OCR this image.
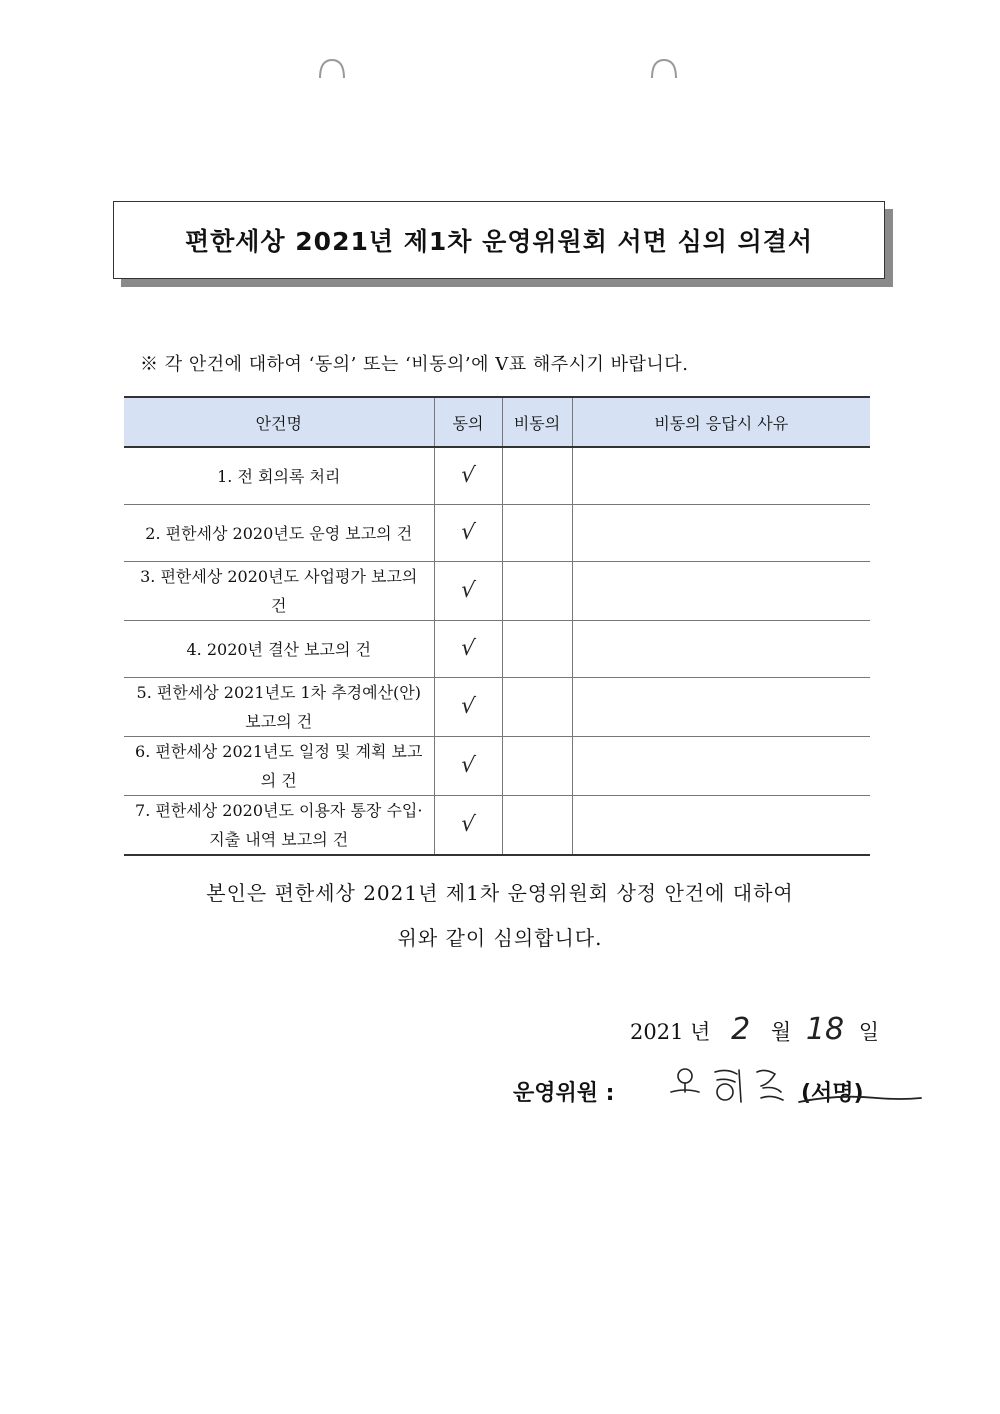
편한세상 2021년 제1차 운영위원회 서면 심의 의결서
※ 각 안건에 대하여 ‘동의’ 또는 ‘비동의’에 V표 해주시기 바랍니다.
안건명	동의	비동의	비동의 응답시 사유
1. 전 회의록 처리	√		
2. 편한세상 2020년도 운영 보고의 건	√		
3. 편한세상 2020년도 사업평가 보고의 건	√		
4. 2020년 결산 보고의 건	√		
5. 편한세상 2021년도 1차 추경예산(안) 보고의 건	√		
6. 편한세상 2021년도 일정 및 계획 보고의 건	√		
7. 편한세상 2020년도 이용자 통장 수입·지출 내역 보고의 건	√		
본인은 편한세상 2021년 제1차 운영위원회 상정 안건에 대하여
위와 같이 심의합니다.
2021 년 2 월 18 일
운영위원 :	(서명)
